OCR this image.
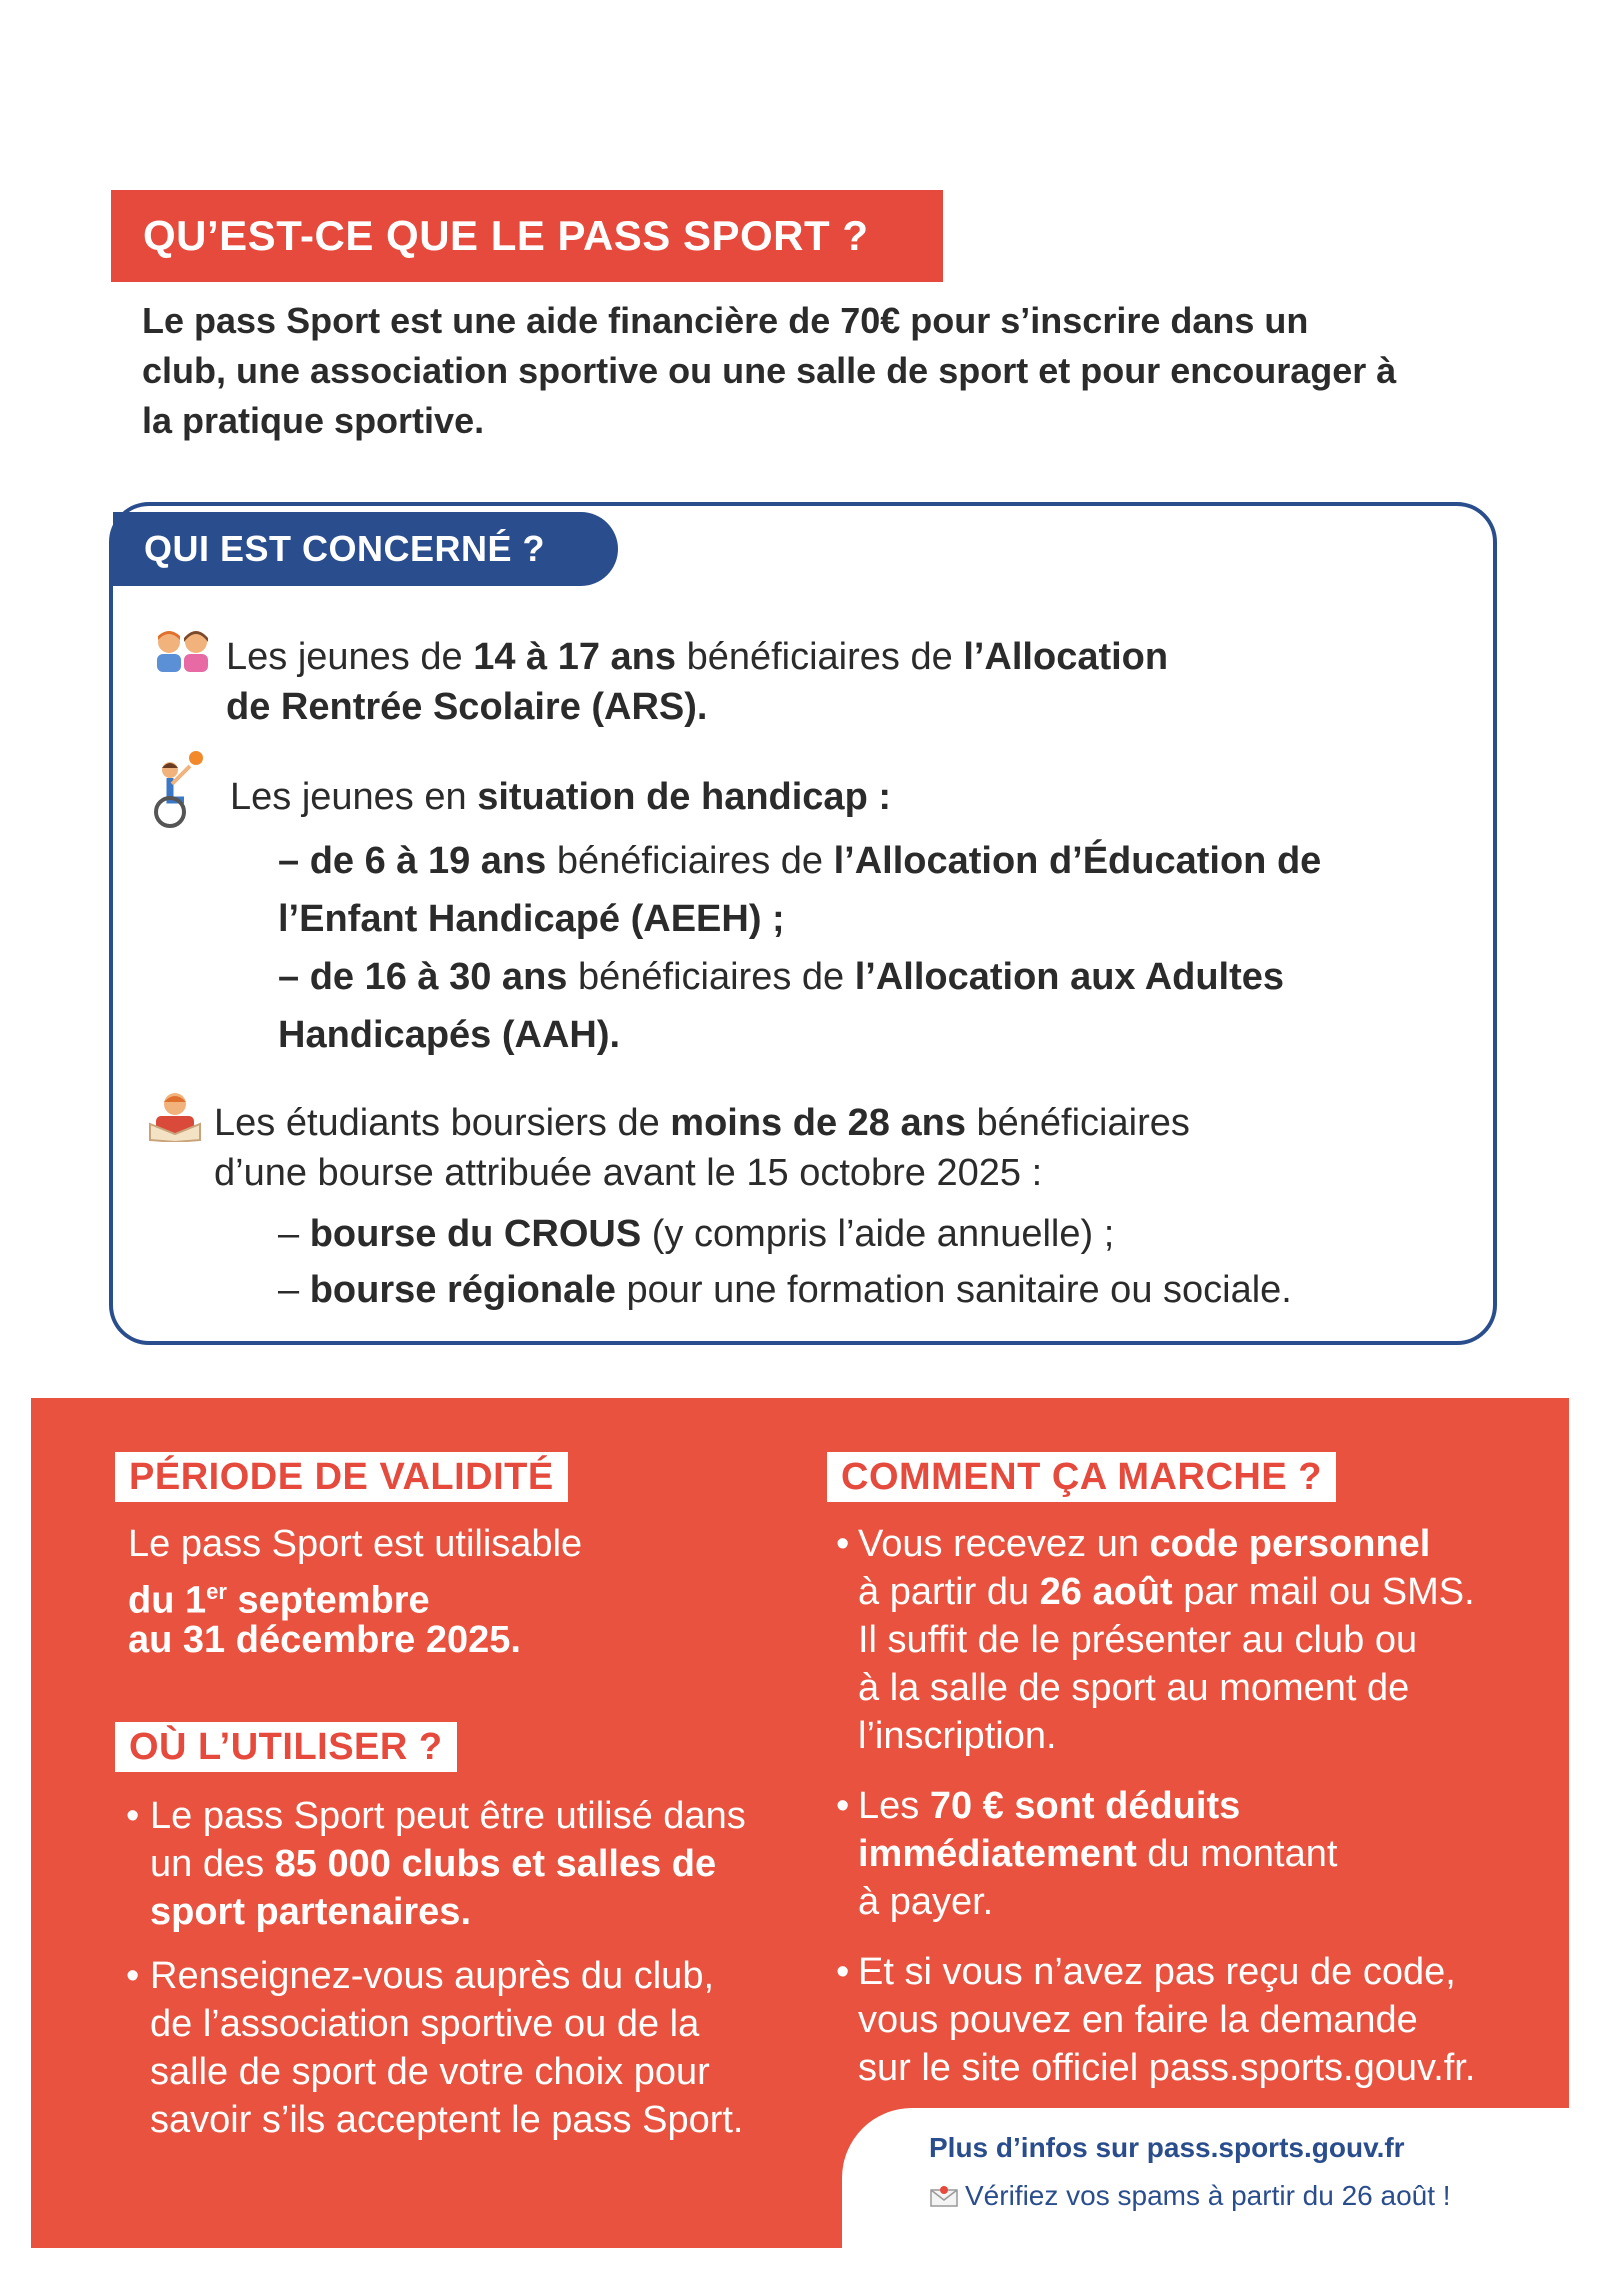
QU’EST-CE QUE LE PASS SPORT ?
Le pass Sport est une aide financière de 70€ pour s’inscrire dans un club, une association sportive ou une salle de sport et pour encourager à la pratique sportive.
QUI EST CONCERNÉ ?
Les jeunes de 14 à 17 ans bénéficiaires de l’Allocation
de Rentrée Scolaire (ARS).
Les jeunes en situation de handicap :
– de 6 à 19 ans bénéficiaires de l’Allocation d’Éducation de
l’Enfant Handicapé (AEEH) ;
– de 16 à 30 ans bénéficiaires de l’Allocation aux Adultes
Handicapés (AAH).
Les étudiants boursiers de moins de 28 ans bénéficiaires
d’une bourse attribuée avant le 15 octobre 2025 :
– bourse du CROUS (y compris l’aide annuelle) ;
– bourse régionale pour une formation sanitaire ou sociale.
PÉRIODE DE VALIDITÉ
Le pass Sport est utilisable
du 1er septembre
au 31 décembre 2025.
OÙ L’UTILISER ?
• Le pass Sport peut être utilisé dans
un des 85 000 clubs et salles de
sport partenaires.
• Renseignez-vous auprès du club,
de l’association sportive ou de la
salle de sport de votre choix pour
savoir s’ils acceptent le pass Sport.
COMMENT ÇA MARCHE ?
• Vous recevez un code personnel
à partir du 26 août par mail ou SMS.
Il suffit de le présenter au club ou
à la salle de sport au moment de
l’inscription.
• Les 70 € sont déduits
immédiatement du montant
à payer.
• Et si vous n’avez pas reçu de code,
vous pouvez en faire la demande
sur le site officiel pass.sports.gouv.fr.
Plus d’infos sur pass.sports.gouv.fr
Vérifiez vos spams à partir du 26 août !
